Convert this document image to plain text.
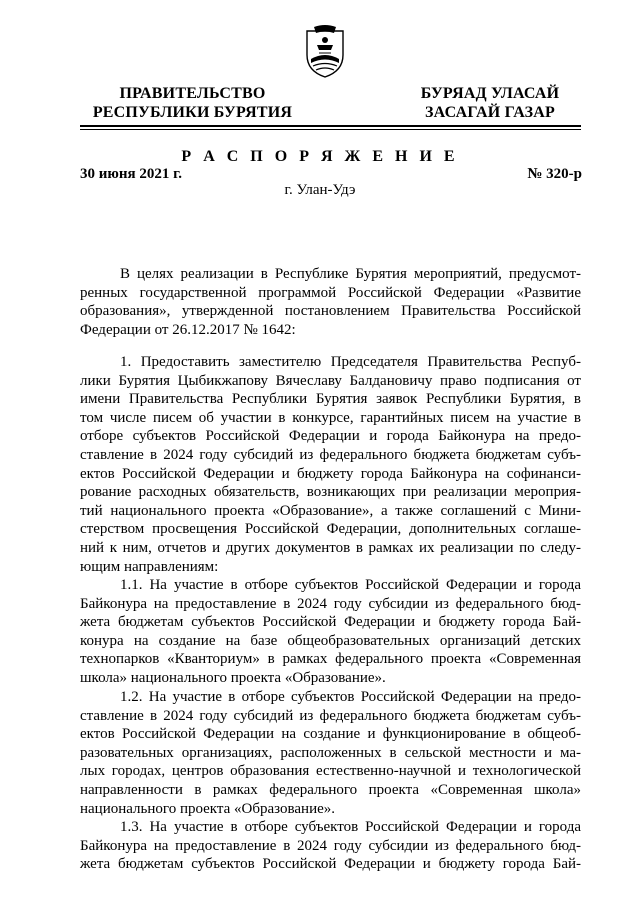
ПРАВИТЕЛЬСТВО
РЕСПУБЛИКИ БУРЯТИЯ
БУРЯАД УЛАСАЙ
ЗАСАГАЙ ГАЗАР
Р А С П О Р Я Ж Е Н И Е
30 июня 2021 г.	№ 320-р
г. Улан-Удэ
В целях реализации в Республике Бурятия мероприятий, предусмот-
ренных государственной программой Российской Федерации «Развитие
образования», утвержденной постановлением Правительства Российской
Федерации от 26.12.2017 № 1642:
1. Предоставить заместителю Председателя Правительства Респуб-
лики Бурятия Цыбикжапову Вячеславу Балдановичу право подписания от
имени Правительства Республики Бурятия заявок Республики Бурятия, в
том числе писем об участии в конкурсе, гарантийных писем на участие в
отборе субъектов Российской Федерации и города Байконура на предо-
ставление в 2024 году субсидий из федерального бюджета бюджетам субъ-
ектов Российской Федерации и бюджету города Байконура на софинанси-
рование расходных обязательств, возникающих при реализации мероприя-
тий национального проекта «Образование», а также соглашений с Мини-
стерством просвещения Российской Федерации, дополнительных соглаше-
ний к ним, отчетов и других документов в рамках их реализации по следу-
ющим направлениям:
1.1. На участие в отборе субъектов Российской Федерации и города
Байконура на предоставление в 2024 году субсидии из федерального бюд-
жета бюджетам субъектов Российской Федерации и бюджету города Бай-
конура на создание на базе общеобразовательных организаций детских
технопарков «Кванториум» в рамках федерального проекта «Современная
школа» национального проекта «Образование».
1.2. На участие в отборе субъектов Российской Федерации на предо-
ставление в 2024 году субсидий из федерального бюджета бюджетам субъ-
ектов Российской Федерации на создание и функционирование в общеоб-
разовательных организациях, расположенных в сельской местности и ма-
лых городах, центров образования естественно-научной и технологической
направленности в рамках федерального проекта «Современная школа»
национального проекта «Образование».
1.3. На участие в отборе субъектов Российской Федерации и города
Байконура на предоставление в 2024 году субсидии из федерального бюд-
жета бюджетам субъектов Российской Федерации и бюджету города Бай-
